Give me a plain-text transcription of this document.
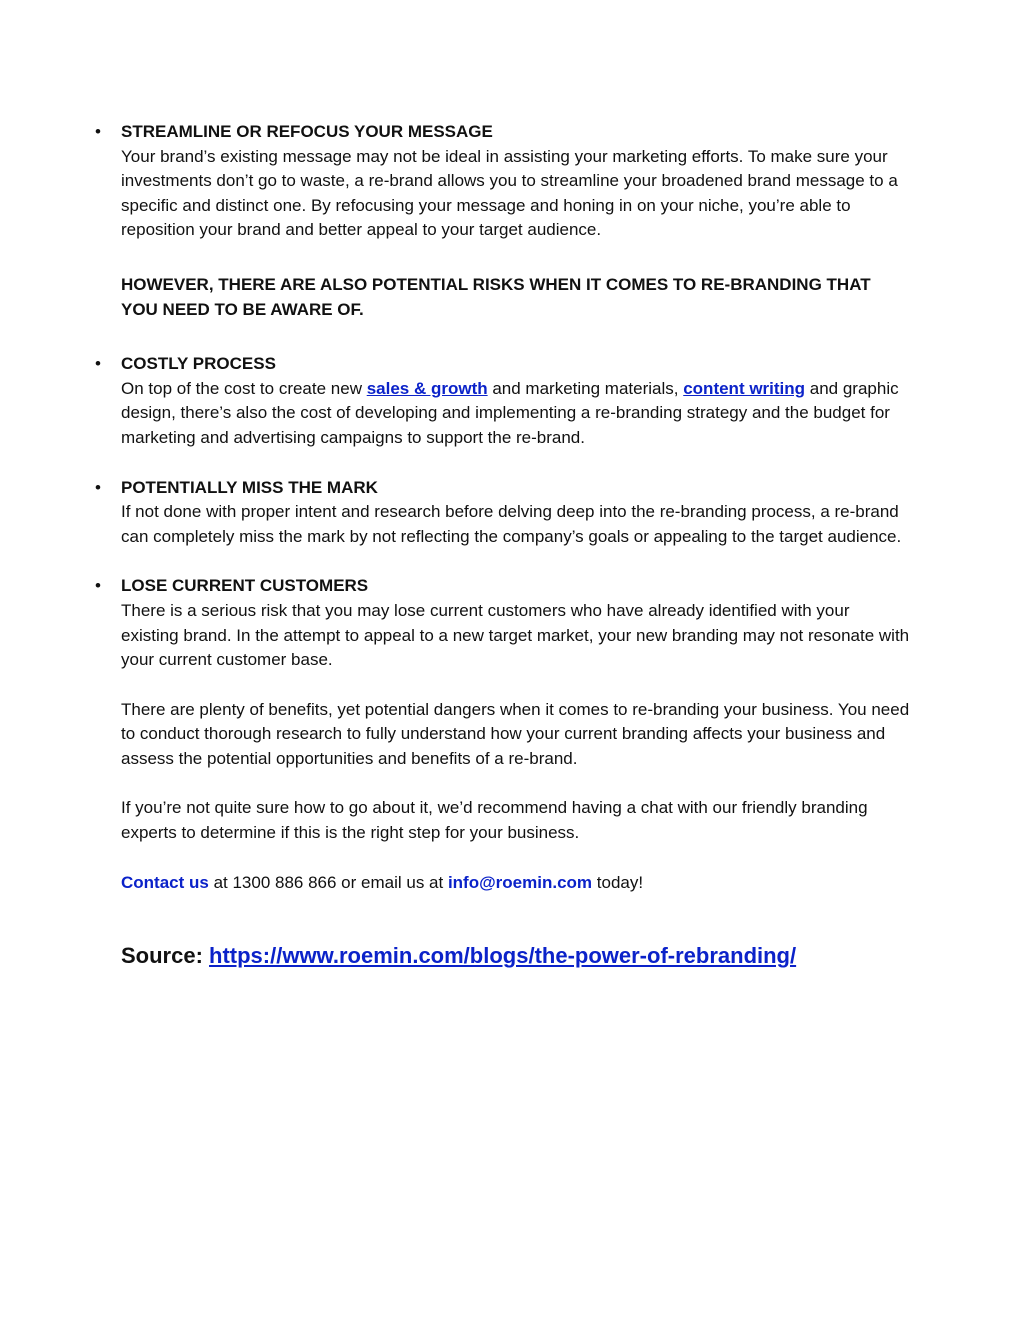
• STREAMLINE OR REFOCUS YOUR MESSAGE
Your brand’s existing message may not be ideal in assisting your marketing efforts. To make sure your investments don’t go to waste, a re-brand allows you to streamline your broadened brand message to a specific and distinct one. By refocusing your message and honing in on your niche, you’re able to reposition your brand and better appeal to your target audience.
HOWEVER, THERE ARE ALSO POTENTIAL RISKS WHEN IT COMES TO RE-BRANDING THAT YOU NEED TO BE AWARE OF.
• COSTLY PROCESS
On top of the cost to create new sales & growth and marketing materials, content writing and graphic design, there’s also the cost of developing and implementing a re-branding strategy and the budget for marketing and advertising campaigns to support the re-brand.
• POTENTIALLY MISS THE MARK
If not done with proper intent and research before delving deep into the re-branding process, a re-brand can completely miss the mark by not reflecting the company’s goals or appealing to the target audience.
• LOSE CURRENT CUSTOMERS
There is a serious risk that you may lose current customers who have already identified with your existing brand. In the attempt to appeal to a new target market, your new branding may not resonate with your current customer base.
There are plenty of benefits, yet potential dangers when it comes to re-branding your business. You need to conduct thorough research to fully understand how your current branding affects your business and assess the potential opportunities and benefits of a re-brand.
If you’re not quite sure how to go about it, we’d recommend having a chat with our friendly branding experts to determine if this is the right step for your business.
Contact us at 1300 886 866 or email us at info@roemin.com today!
Source: https://www.roemin.com/blogs/the-power-of-rebranding/
